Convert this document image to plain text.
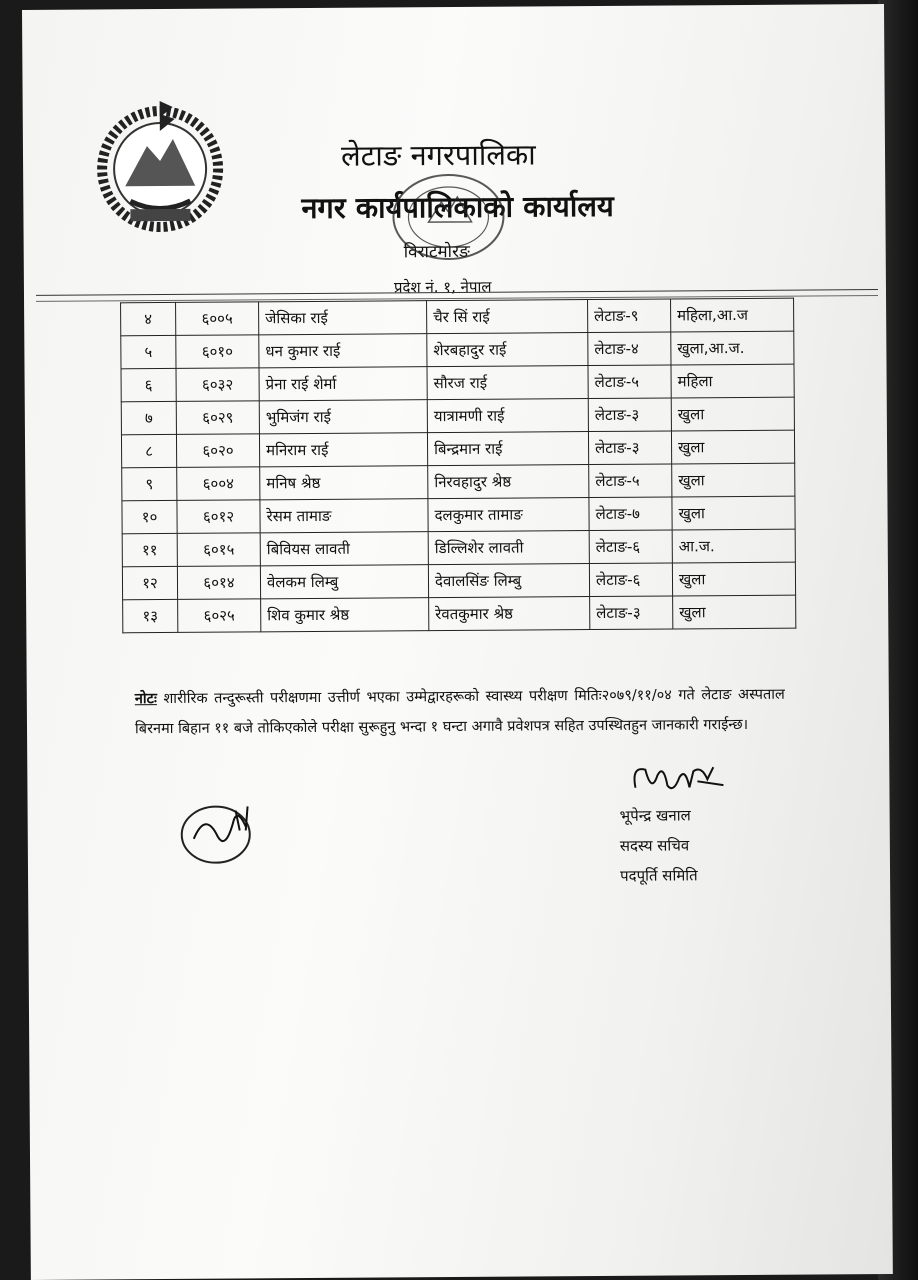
लेटाङ नगरपालिका
नगर कार्यपालिकाको कार्यालय
विराटमोरङ
प्रदेश नं. १, नेपाल
४	६००५	जेसिका राई	चैर सिं राई	लेटाङ-९	महिला,आ.ज
५	६०१०	धन कुमार राई	शेरबहादुर राई	लेटाङ-४	खुला,आ.ज.
६	६०३२	प्रेना राई शेर्मा	सौरज राई	लेटाङ-५	महिला
७	६०२९	भुमिजंग राई	यात्रामणी राई	लेटाङ-३	खुला
८	६०२०	मनिराम राई	बिन्द्रमान राई	लेटाङ-३	खुला
९	६००४	मनिष श्रेष्ठ	निरवहादुर श्रेष्ठ	लेटाङ-५	खुला
१०	६०१२	रेसम तामाङ	दलकुमार तामाङ	लेटाङ-७	खुला
११	६०१५	बिवियस लावती	डिल्लिशेर लावती	लेटाङ-६	आ.ज.
१२	६०१४	वेलकम लिम्बु	देवालसिंङ लिम्बु	लेटाङ-६	खुला
१३	६०२५	शिव कुमार श्रेष्ठ	रेवतकुमार श्रेष्ठ	लेटाङ-३	खुला
नोटः शारीरिक तन्दुरूस्ती परीक्षणमा उत्तीर्ण भएका उम्मेद्वारहरूको स्वास्थ्य परीक्षण मितिः२०७९/११/०४ गते लेटाङ अस्पताल बिरनमा बिहान ११ बजे तोकिएकोले परीक्षा सुरूहुनु भन्दा १ घन्टा अगावै प्रवेशपत्र सहित उपस्थितहुन जानकारी गराईन्छ।
भूपेन्द्र खनाल
सदस्य सचिव
पदपूर्ति समिति
